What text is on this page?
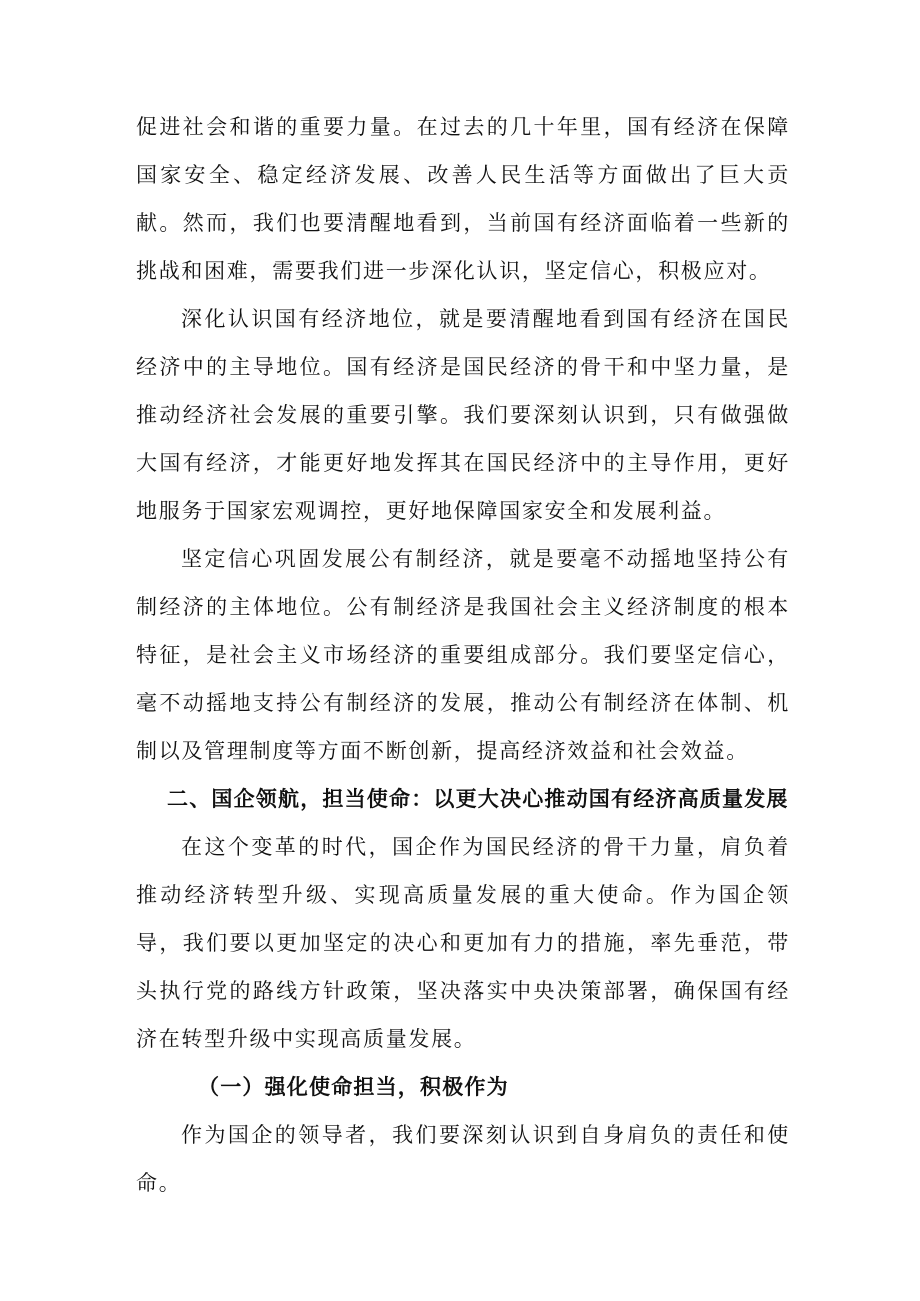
促进社会和谐的重要力量。在过去的几十年里，国有经济在保障国家安全、稳定经济发展、改善人民生活等方面做出了巨大贡献。然而，我们也要清醒地看到，当前国有经济面临着一些新的挑战和困难，需要我们进一步深化认识，坚定信心，积极应对。

深化认识国有经济地位，就是要清醒地看到国有经济在国民经济中的主导地位。国有经济是国民经济的骨干和中坚力量，是推动经济社会发展的重要引擎。我们要深刻认识到，只有做强做大国有经济，才能更好地发挥其在国民经济中的主导作用，更好地服务于国家宏观调控，更好地保障国家安全和发展利益。

坚定信心巩固发展公有制经济，就是要毫不动摇地坚持公有制经济的主体地位。公有制经济是我国社会主义经济制度的根本特征，是社会主义市场经济的重要组成部分。我们要坚定信心，毫不动摇地支持公有制经济的发展，推动公有制经济在体制、机制以及管理制度等方面不断创新，提高经济效益和社会效益。

二、国企领航，担当使命：以更大决心推动国有经济高质量发展

在这个变革的时代，国企作为国民经济的骨干力量，肩负着推动经济转型升级、实现高质量发展的重大使命。作为国企领导，我们要以更加坚定的决心和更加有力的措施，率先垂范，带头执行党的路线方针政策，坚决落实中央决策部署，确保国有经济在转型升级中实现高质量发展。

（一）强化使命担当，积极作为

作为国企的领导者，我们要深刻认识到自身肩负的责任和使命。
